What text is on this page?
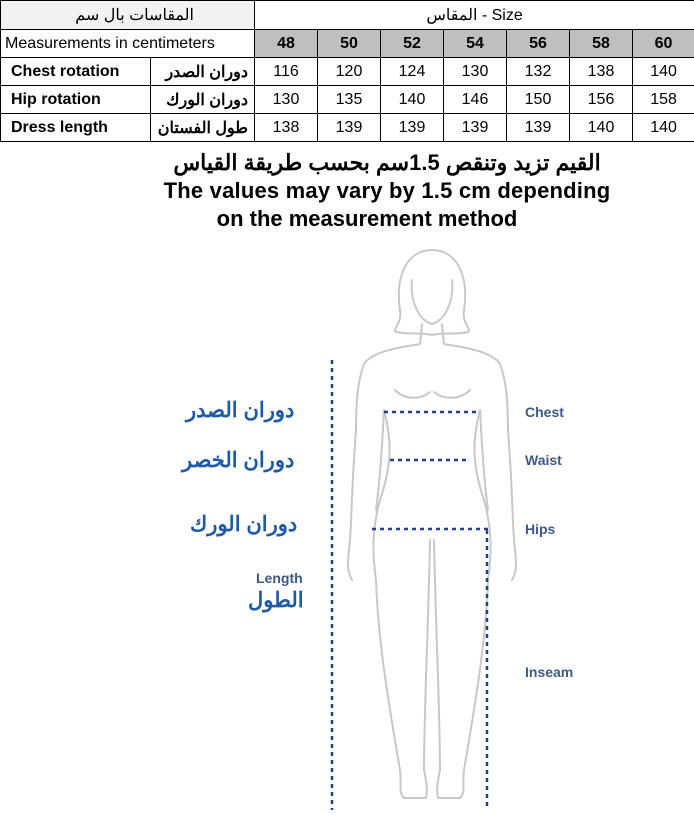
المقاسات بال سم		المقاس - Size						
Measurements in centimeters		48	50	52	54	56	58	60
Chest rotation	دوران الصدر	116	120	124	130	132	138	140
Hip rotation	دوران الورك	130	135	140	146	150	156	158
Dress length	طول الفستان	138	139	139	139	139	140	140
القيم تزيد وتنقص 1.5سم بحسب طريقة القياس
The values may vary by 1.5 cm depending
on the measurement method
دوران الصدر
دوران الخصر
دوران الورك
Length
الطول
Chest
Waist
Hips
Inseam
